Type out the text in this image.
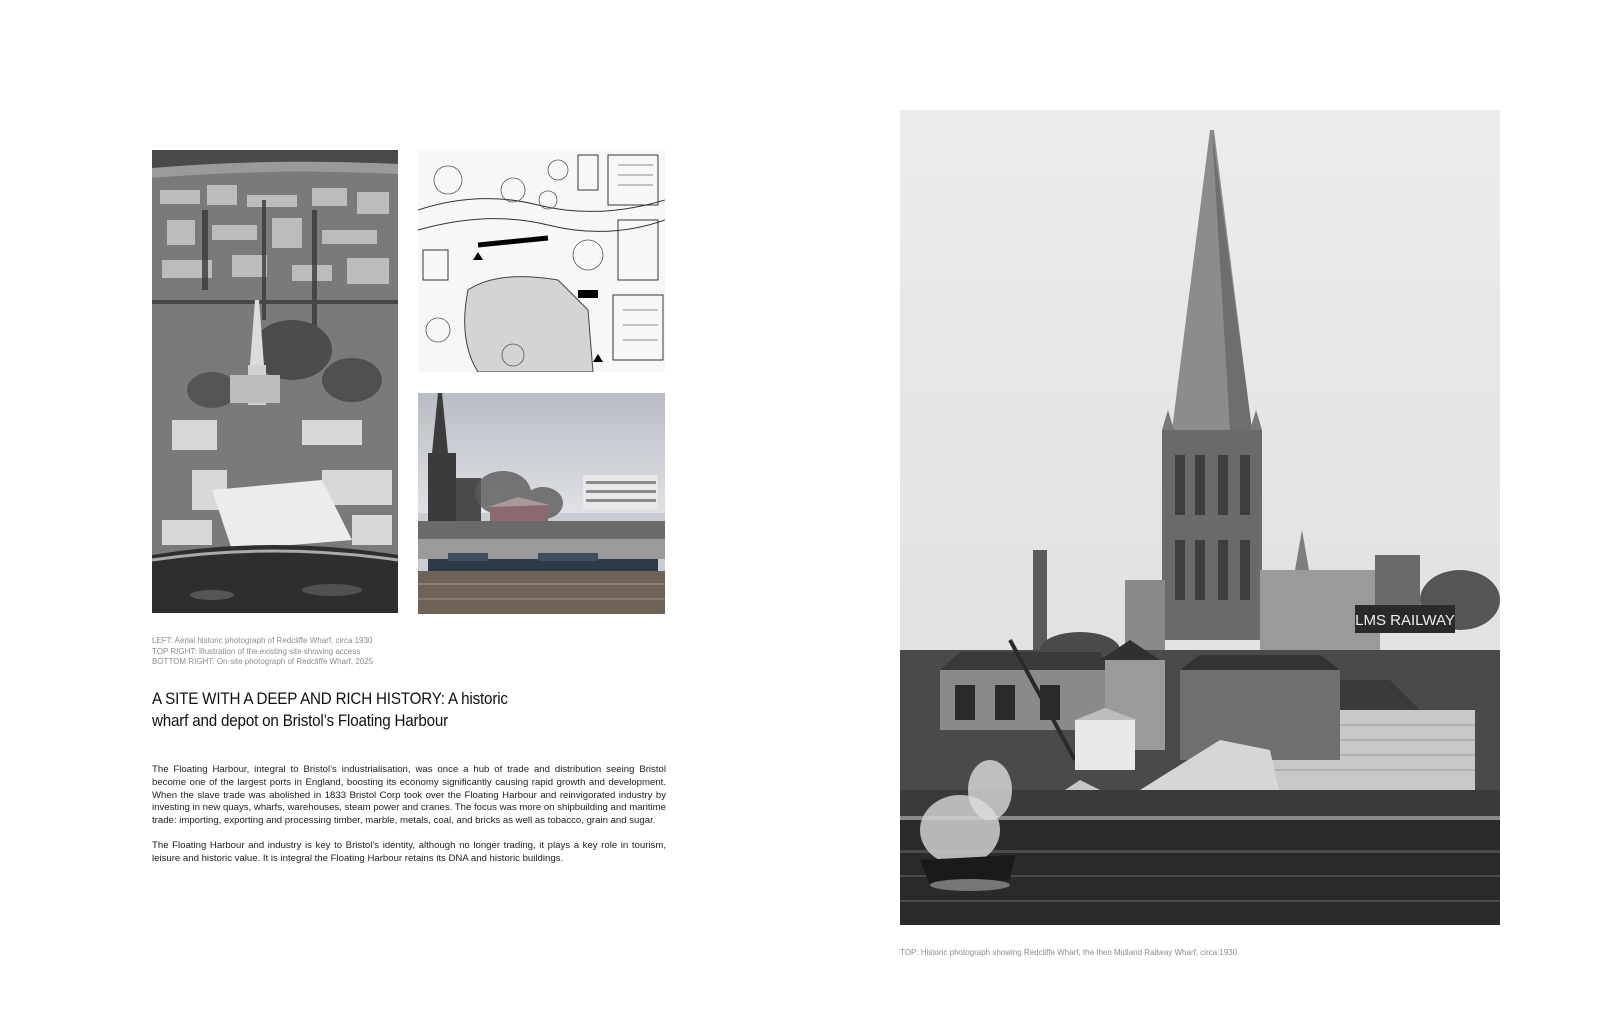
LEFT: Aerial historic photograph of Redcliffe Wharf, circa 1930
TOP RIGHT: Illustration of the existing site showing access
BOTTOM RIGHT: On-site photograph of Redcliffe Wharf, 2025
A SITE WITH A DEEP AND RICH HISTORY: A historic wharf and depot on Bristol’s Floating Harbour

The Floating Harbour, integral to Bristol’s industrialisation, was once a hub of trade and distribution seeing Bristol become one of the largest ports in England, boosting its economy significantly causing rapid growth and development. When the slave trade was abolished in 1833 Bristol Corp took over the Floating Harbour and reinvigorated industry by investing in new quays, wharfs, warehouses, steam power and cranes. The focus was more on shipbuilding and maritime trade: importing, exporting and processing timber, marble, metals, coal, and bricks as well as tobacco, grain and sugar.

The Floating Harbour and industry is key to Bristol’s identity, although no longer trading, it plays a key role in tourism, leisure and historic value. It is integral the Floating Harbour retains its DNA and historic buildings.

LMS RAILWAY
TOP: Historic photograph showing Redcliffe Wharf, the then Midland Railway Wharf, circa 1930.
